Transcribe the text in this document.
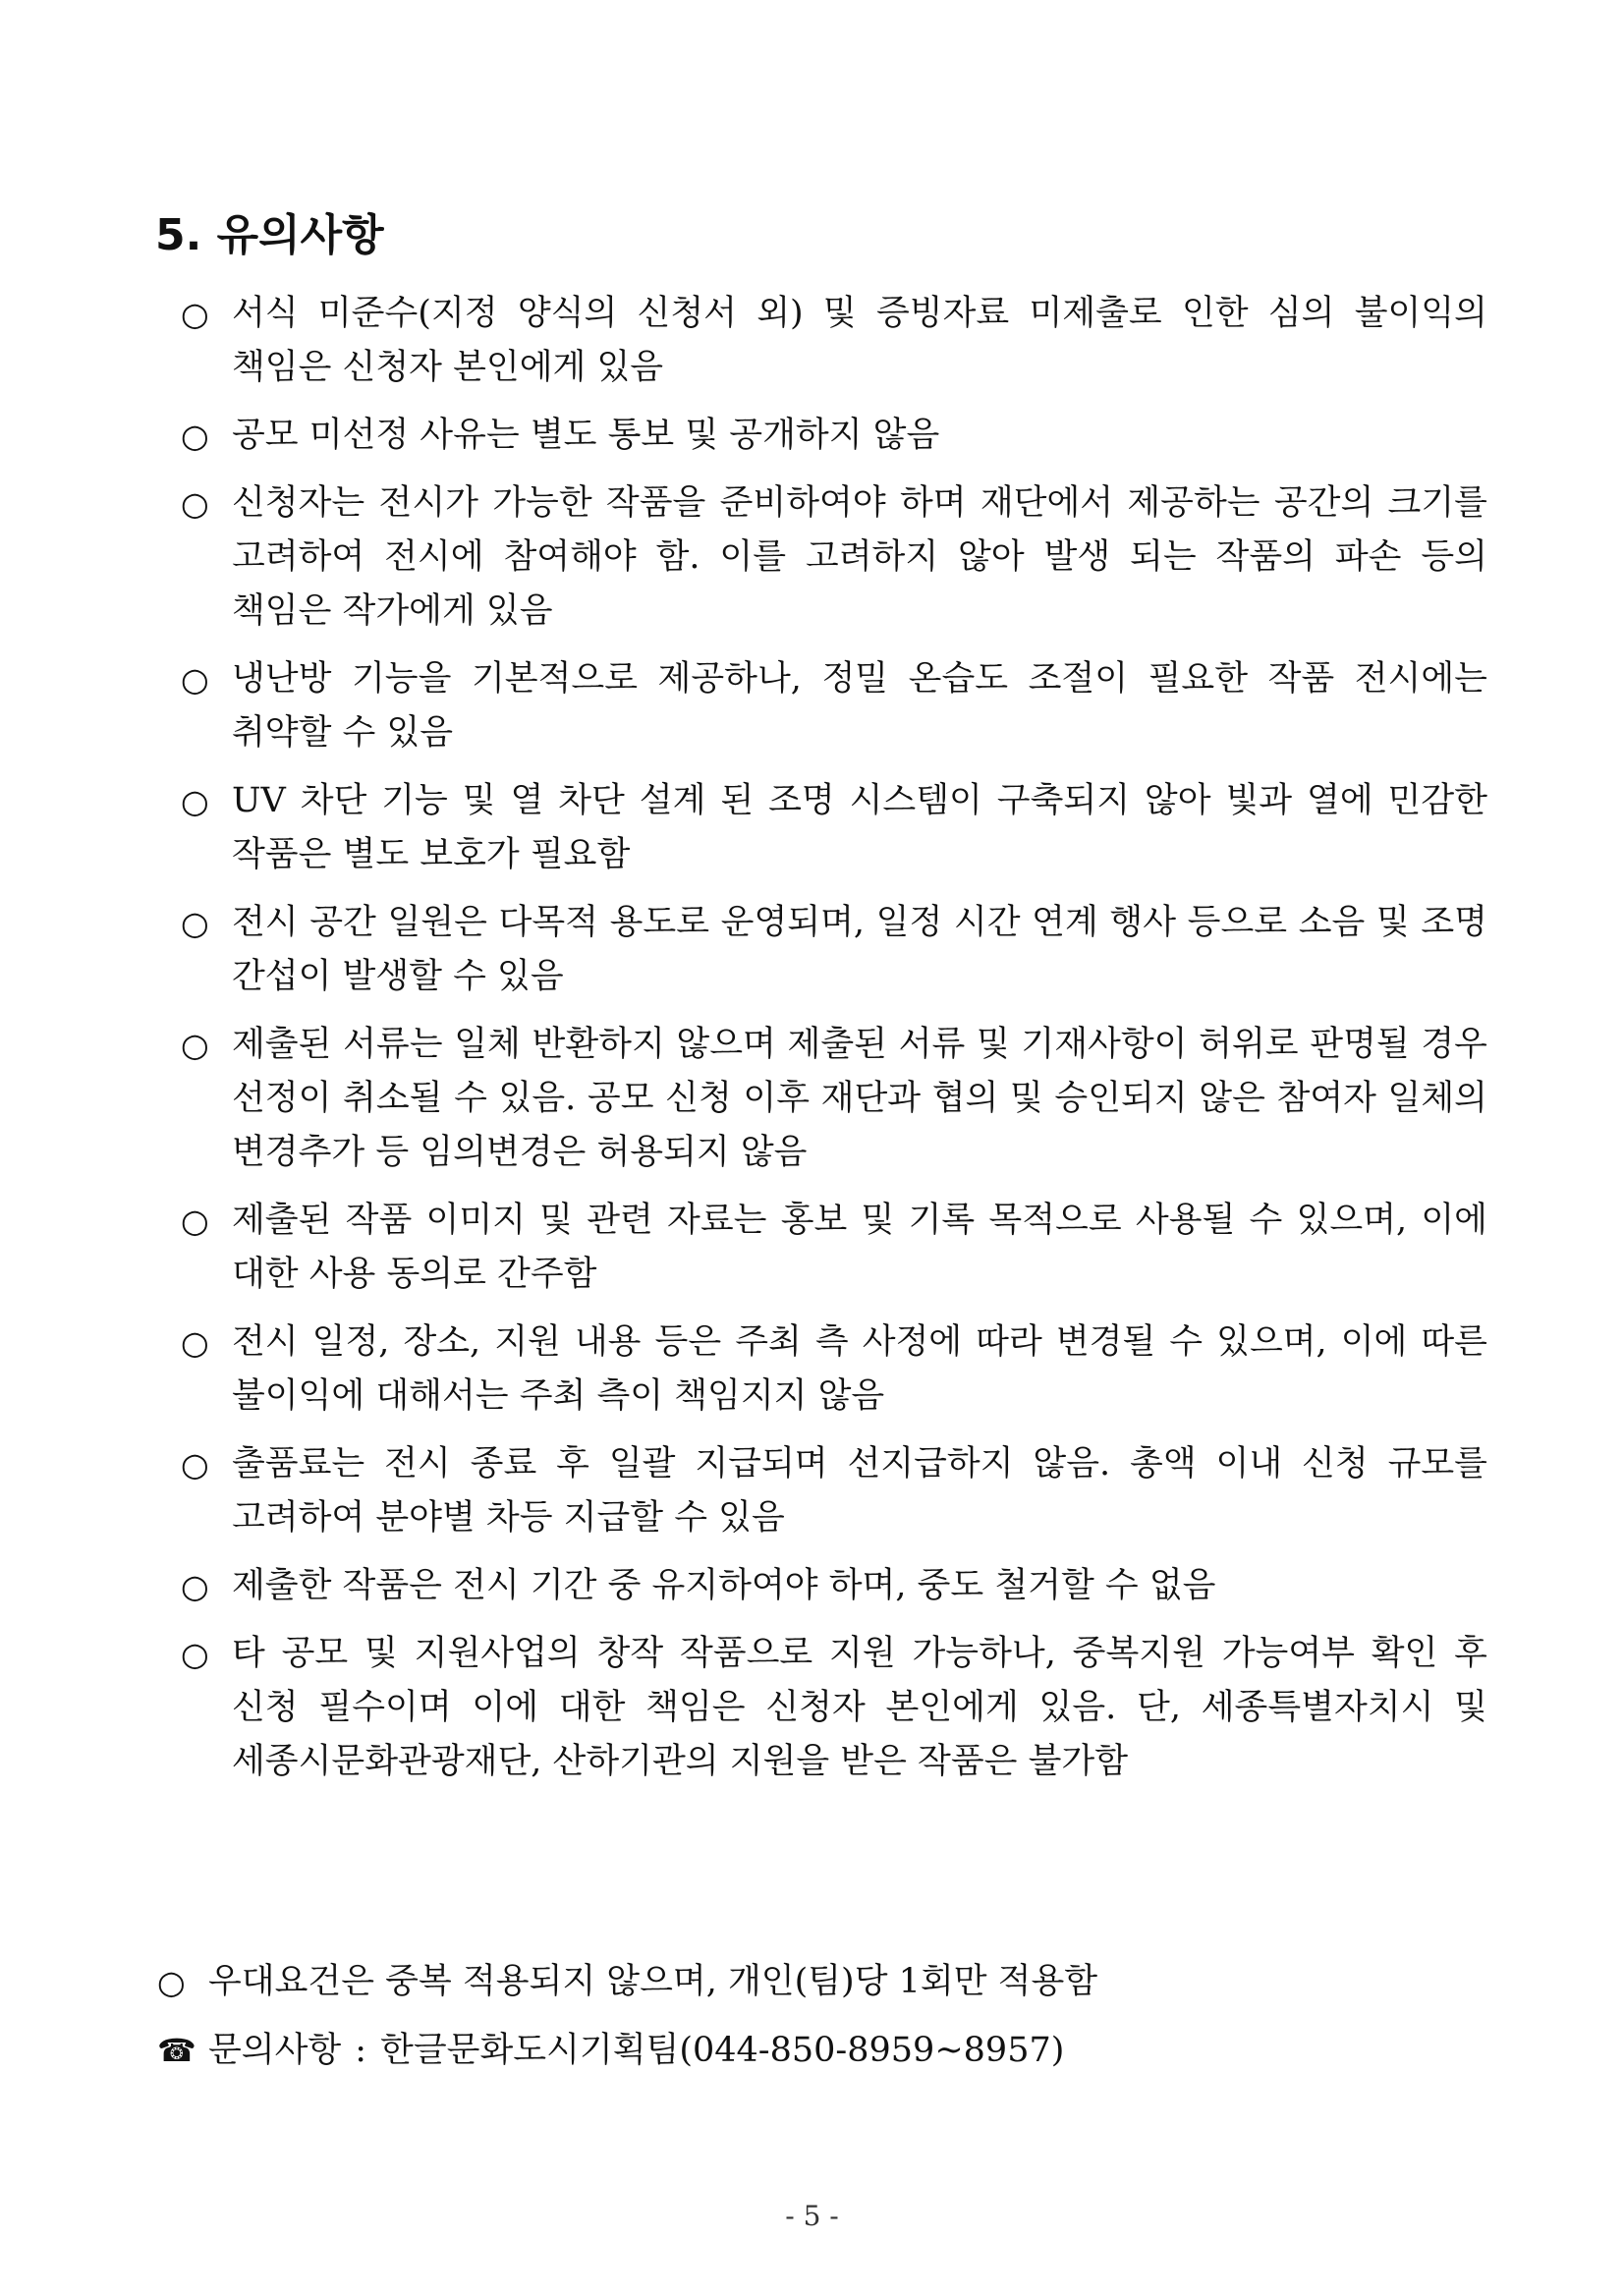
5. 유의사항
○ 서식 미준수(지정 양식의 신청서 외) 및 증빙자료 미제출로 인한 심의 불이익의 책임은 신청자 본인에게 있음
○ 공모 미선정 사유는 별도 통보 및 공개하지 않음
○ 신청자는 전시가 가능한 작품을 준비하여야 하며 재단에서 제공하는 공간의 크기를 고려하여 전시에 참여해야 함. 이를 고려하지 않아 발생 되는 작품의 파손 등의 책임은 작가에게 있음
○ 냉난방 기능을 기본적으로 제공하나, 정밀 온습도 조절이 필요한 작품 전시에는 취약할 수 있음
○ UV 차단 기능 및 열 차단 설계 된 조명 시스템이 구축되지 않아 빛과 열에 민감한 작품은 별도 보호가 필요함
○ 전시 공간 일원은 다목적 용도로 운영되며, 일정 시간 연계 행사 등으로 소음 및 조명 간섭이 발생할 수 있음
○ 제출된 서류는 일체 반환하지 않으며 제출된 서류 및 기재사항이 허위로 판명될 경우 선정이 취소될 수 있음. 공모 신청 이후 재단과 협의 및 승인되지 않은 참여자 일체의 변경추가 등 임의변경은 허용되지 않음
○ 제출된 작품 이미지 및 관련 자료는 홍보 및 기록 목적으로 사용될 수 있으며, 이에 대한 사용 동의로 간주함
○ 전시 일정, 장소, 지원 내용 등은 주최 측 사정에 따라 변경될 수 있으며, 이에 따른 불이익에 대해서는 주최 측이 책임지지 않음
○ 출품료는 전시 종료 후 일괄 지급되며 선지급하지 않음. 총액 이내 신청 규모를 고려하여 분야별 차등 지급할 수 있음
○ 제출한 작품은 전시 기간 중 유지하여야 하며, 중도 철거할 수 없음
○ 타 공모 및 지원사업의 창작 작품으로 지원 가능하나, 중복지원 가능여부 확인 후 신청 필수이며 이에 대한 책임은 신청자 본인에게 있음. 단, 세종특별자치시 및 세종시문화관광재단, 산하기관의 지원을 받은 작품은 불가함
○ 우대요건은 중복 적용되지 않으며, 개인(팀)당 1회만 적용함
☎ 문의사항 : 한글문화도시기획팀(044-850-8959~8957)
- 5 -
